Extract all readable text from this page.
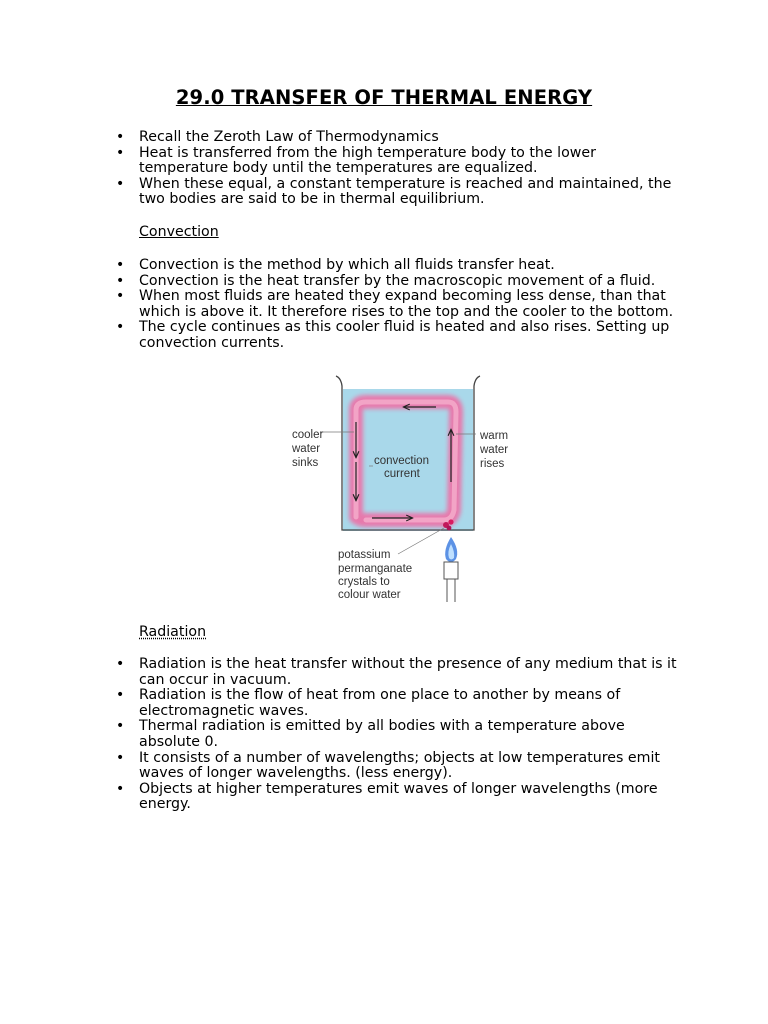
29.0 TRANSFER OF THERMAL ENERGY
• Recall the Zeroth Law of Thermodynamics
• Heat is transferred from the high temperature body to the lower temperature body until the temperatures are equalized.
• When these equal, a constant temperature is reached and maintained, the two bodies are said to be in thermal equilibrium.
Convection
• Convection is the method by which all fluids transfer heat.
• Convection is the heat transfer by the macroscopic movement of a fluid.
• When most fluids are heated they expand becoming less dense, than that which is above it. It therefore rises to the top and the cooler to the bottom.
• The cycle continues as this cooler fluid is heated and also rises. Setting up convection currents.
cooler water sinks	convection current
warm water rises
potassium permanganate crystals to colour water
Radiation
• Radiation is the heat transfer without the presence of any medium that is it can occur in vacuum.
• Radiation is the flow of heat from one place to another by means of electromagnetic waves.
• Thermal radiation is emitted by all bodies with a temperature above absolute 0.
• It consists of a number of wavelengths; objects at low temperatures emit waves of longer wavelengths. (less energy).
• Objects at higher temperatures emit waves of longer wavelengths (more energy.
